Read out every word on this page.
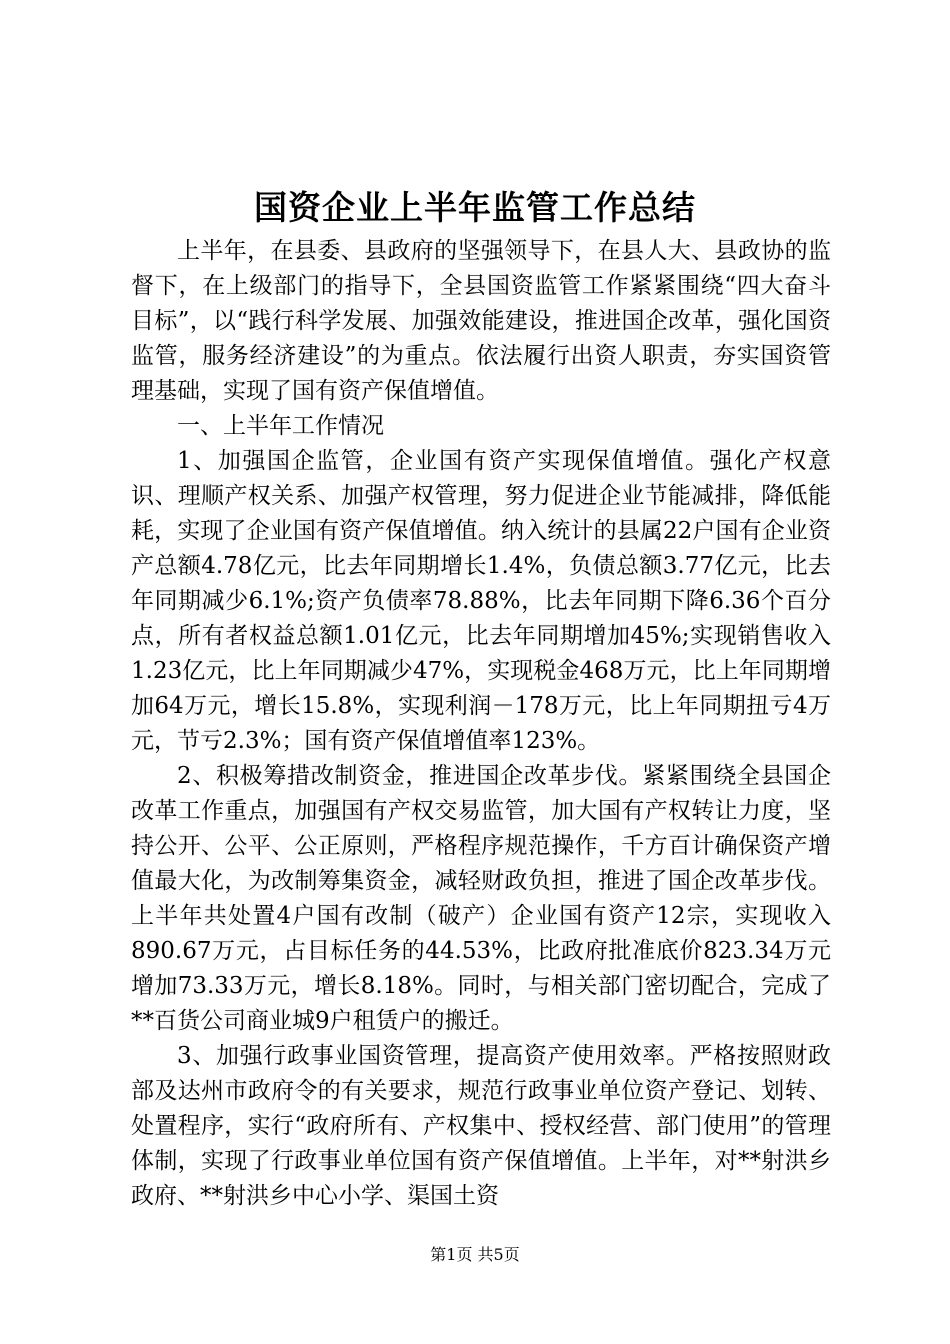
国资企业上半年监管工作总结

上半年，在县委、县政府的坚强领导下，在县人大、县政协的监督下，在上级部门的指导下，全县国资监管工作紧紧围绕“四大奋斗目标”，以“践行科学发展、加强效能建设，推进国企改革，强化国资监管，服务经济建设”的为重点。依法履行出资人职责，夯实国资管理基础，实现了国有资产保值增值。

一、上半年工作情况

1、加强国企监管，企业国有资产实现保值增值。强化产权意识、理顺产权关系、加强产权管理，努力促进企业节能减排，降低能耗，实现了企业国有资产保值增值。纳入统计的县属22户国有企业资产总额4.78亿元，比去年同期增长1.4%，负债总额3.77亿元，比去年同期减少6.1%;资产负债率78.88%，比去年同期下降6.36个百分点，所有者权益总额1.01亿元，比去年同期增加45%;实现销售收入1.23亿元，比上年同期减少47%，实现税金468万元，比上年同期增加64万元，增长15.8%，实现利润－178万元，比上年同期扭亏4万元，节亏2.3%；国有资产保值增值率123%。

2、积极筹措改制资金，推进国企改革步伐。紧紧围绕全县国企改革工作重点，加强国有产权交易监管，加大国有产权转让力度，坚持公开、公平、公正原则，严格程序规范操作，千方百计确保资产增值最大化，为改制筹集资金，减轻财政负担，推进了国企改革步伐。上半年共处置4户国有改制（破产）企业国有资产12宗，实现收入890.67万元，占目标任务的44.53%，比政府批准底价823.34万元增加73.33万元，增长8.18%。同时，与相关部门密切配合，完成了**百货公司商业城9户租赁户的搬迁。

3、加强行政事业国资管理，提高资产使用效率。严格按照财政部及达州市政府令的有关要求，规范行政事业单位资产登记、划转、处置程序，实行“政府所有、产权集中、授权经营、部门使用”的管理体制，实现了行政事业单位国有资产保值增值。上半年，对**射洪乡政府、**射洪乡中心小学、渠国土资

第1页 共5页
